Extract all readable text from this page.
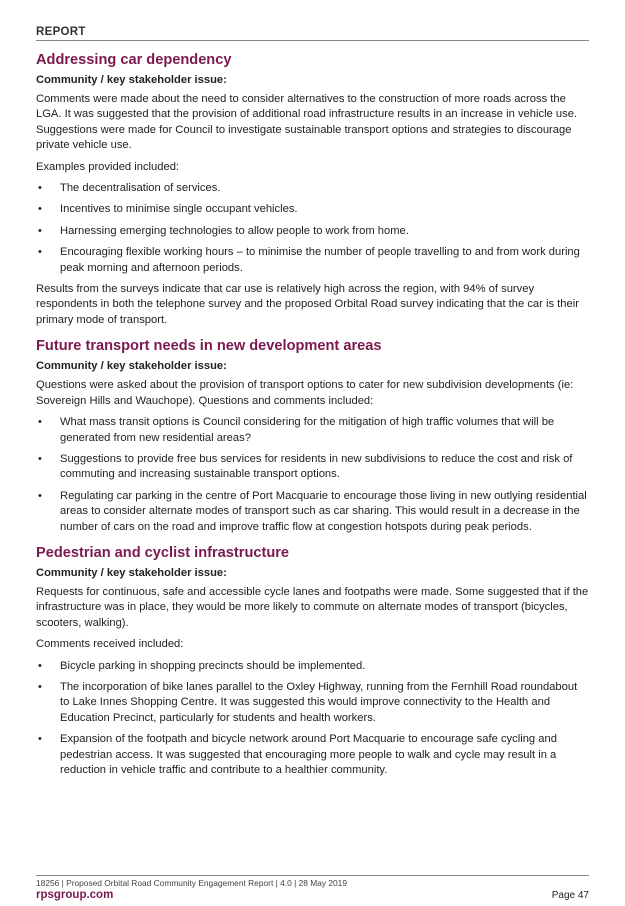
REPORT
Addressing car dependency

Community / key stakeholder issue:

Comments were made about the need to consider alternatives to the construction of more roads across the LGA. It was suggested that the provision of additional road infrastructure results in an increase in vehicle use. Suggestions were made for Council to investigate sustainable transport options and strategies to discourage private vehicle use.

Examples provided included:

• The decentralisation of services.
• Incentives to minimise single occupant vehicles.
• Harnessing emerging technologies to allow people to work from home.
• Encouraging flexible working hours – to minimise the number of people travelling to and from work during peak morning and afternoon periods.

Results from the surveys indicate that car use is relatively high across the region, with 94% of survey respondents in both the telephone survey and the proposed Orbital Road survey indicating that the car is their primary mode of transport.

Future transport needs in new development areas

Community / key stakeholder issue:

Questions were asked about the provision of transport options to cater for new subdivision developments (ie: Sovereign Hills and Wauchope). Questions and comments included:

• What mass transit options is Council considering for the mitigation of high traffic volumes that will be generated from new residential areas?
• Suggestions to provide free bus services for residents in new subdivisions to reduce the cost and risk of commuting and increasing sustainable transport options.
• Regulating car parking in the centre of Port Macquarie to encourage those living in new outlying residential areas to consider alternate modes of transport such as car sharing. This would result in a decrease in the number of cars on the road and improve traffic flow at congestion hotspots during peak periods.
Pedestrian and cyclist infrastructure

Community / key stakeholder issue:

Requests for continuous, safe and accessible cycle lanes and footpaths were made. Some suggested that if the infrastructure was in place, they would be more likely to commute on alternate modes of transport (bicycles, scooters, walking).

Comments received included:

• Bicycle parking in shopping precincts should be implemented.
• The incorporation of bike lanes parallel to the Oxley Highway, running from the Fernhill Road roundabout to Lake Innes Shopping Centre. It was suggested this would improve connectivity to the Health and Education Precinct, particularly for students and health workers.
• Expansion of the footpath and bicycle network around Port Macquarie to encourage safe cycling and pedestrian access. It was suggested that encouraging more people to walk and cycle may result in a reduction in vehicle traffic and contribute to a healthier community.
18256 | Proposed Orbital Road Community Engagement Report | 4.0 | 28 May 2019
rpsgroup.com	Page 47
